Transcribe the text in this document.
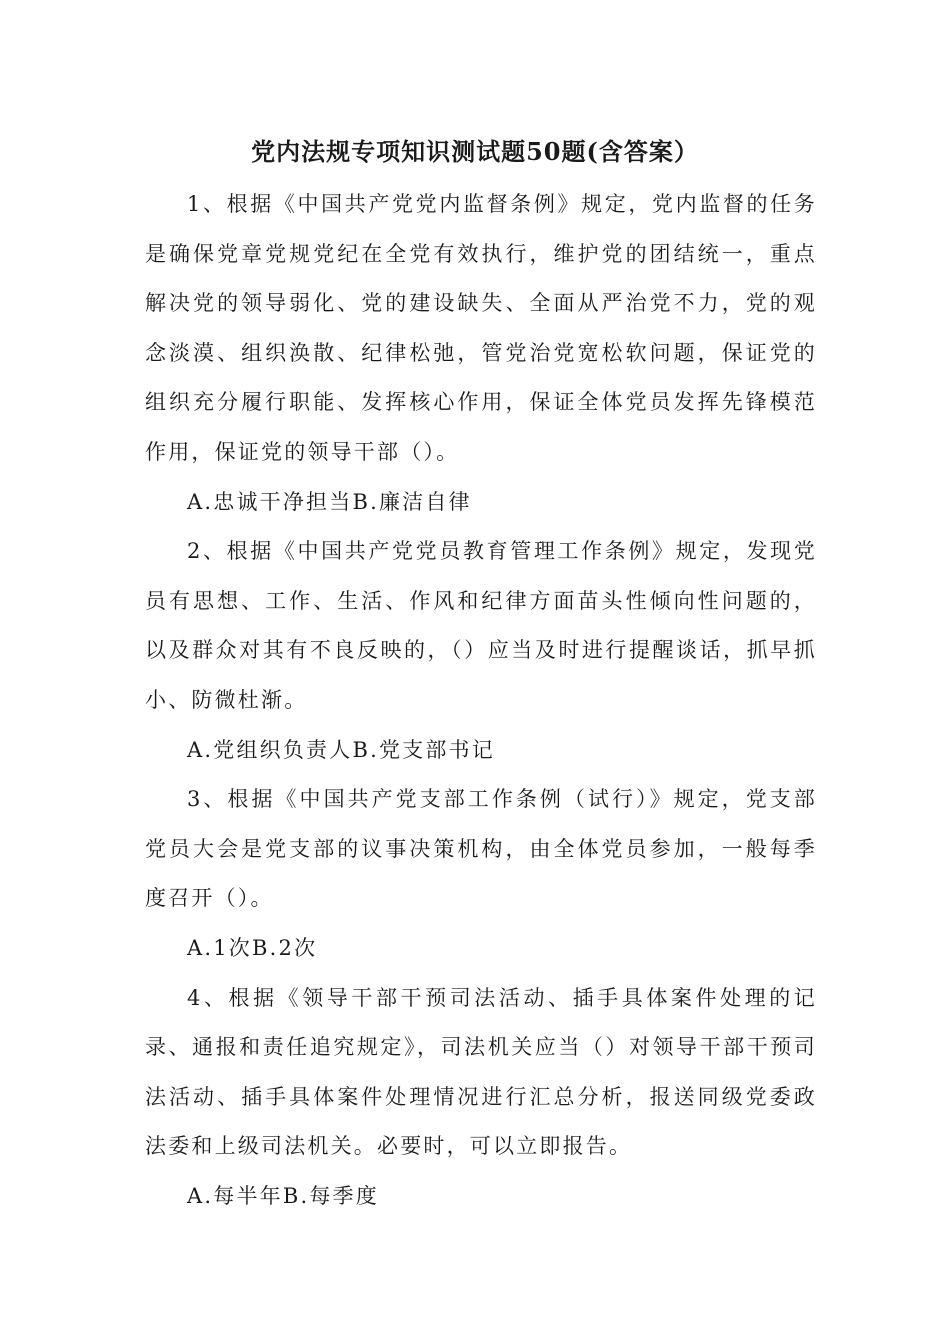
党内法规专项知识测试题50题(含答案）

1、根据《中国共产党党内监督条例》规定，党内监督的任务是确保党章党规党纪在全党有效执行，维护党的团结统一，重点解决党的领导弱化、党的建设缺失、全面从严治党不力，党的观念淡漠、组织涣散、纪律松弛，管党治党宽松软问题，保证党的组织充分履行职能、发挥核心作用，保证全体党员发挥先锋模范作用，保证党的领导干部（）。

A.忠诚干净担当B.廉洁自律

2、根据《中国共产党党员教育管理工作条例》规定，发现党员有思想、工作、生活、作风和纪律方面苗头性倾向性问题的，以及群众对其有不良反映的，（）应当及时进行提醒谈话，抓早抓小、防微杜渐。

A.党组织负责人B.党支部书记

3、根据《中国共产党支部工作条例（试行）》规定，党支部党员大会是党支部的议事决策机构，由全体党员参加，一般每季度召开（）。

A.1次B.2次

4、根据《领导干部干预司法活动、插手具体案件处理的记录、通报和责任追究规定》，司法机关应当（）对领导干部干预司法活动、插手具体案件处理情况进行汇总分析，报送同级党委政法委和上级司法机关。必要时，可以立即报告。

A.每半年B.每季度
